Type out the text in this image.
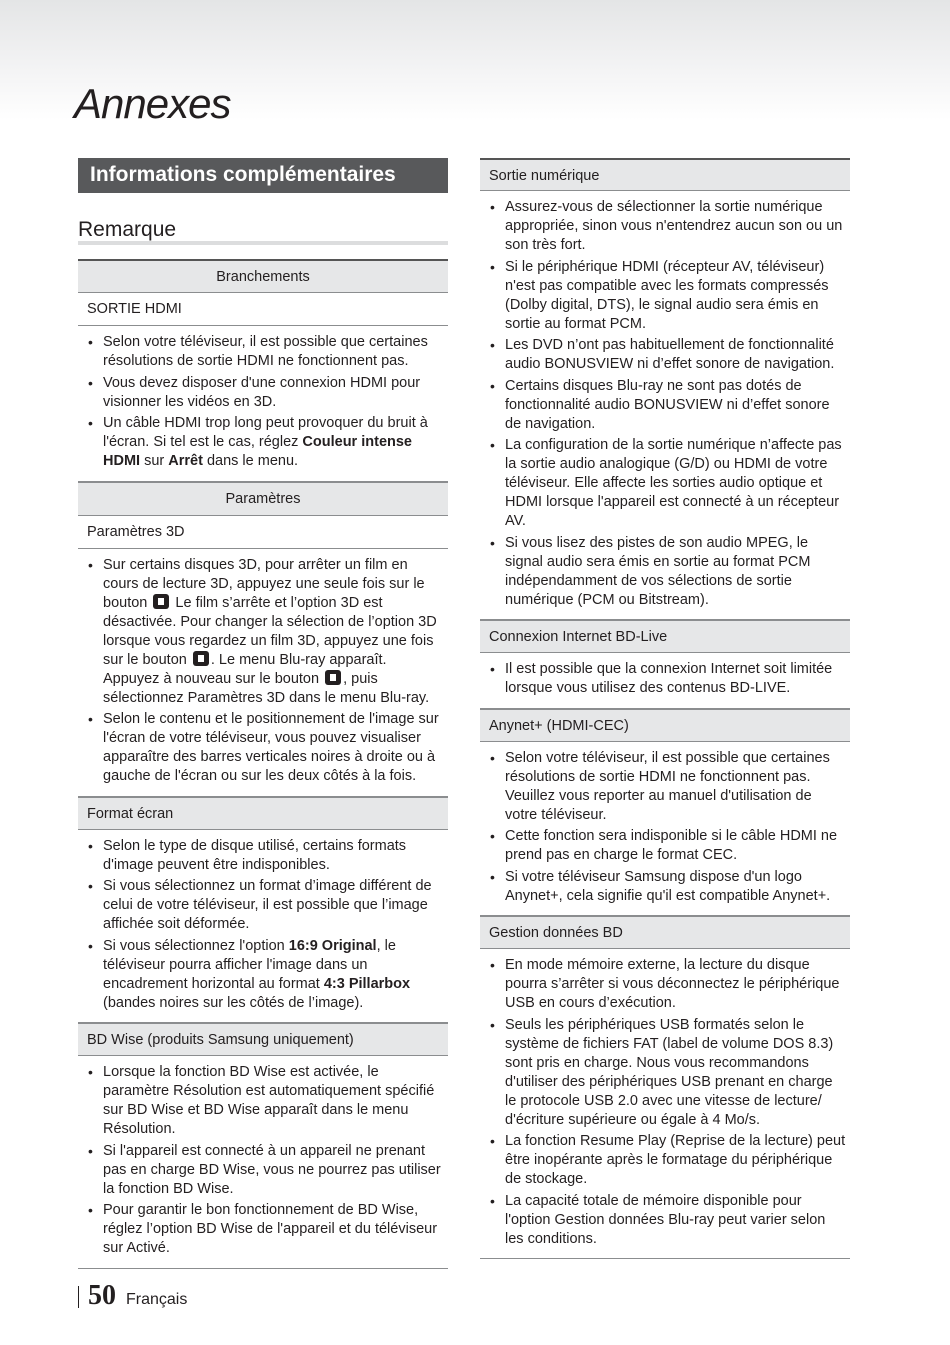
Annexes
Informations complémentaires
Remarque
Branchements
SORTIE HDMI
• Selon votre téléviseur, il est possible que certaines résolutions de sortie HDMI ne fonctionnent pas.
• Vous devez disposer d'une connexion HDMI pour visionner les vidéos en 3D.
• Un câble HDMI trop long peut provoquer du bruit à l'écran. Si tel est le cas, réglez Couleur intense HDMI sur Arrêt dans le menu.
Paramètres
Paramètres 3D
• Sur certains disques 3D, pour arrêter un film en cours de lecture 3D, appuyez une seule fois sur le bouton  Le film s’arrête et l’option 3D est désactivée. Pour changer la sélection de l’option 3D lorsque vous regardez un film 3D, appuyez une fois sur le bouton . Le menu Blu-ray apparaît. Appuyez à nouveau sur le bouton , puis sélectionnez Paramètres 3D dans le menu Blu-ray.
• Selon le contenu et le positionnement de l'image sur l'écran de votre téléviseur, vous pouvez visualiser apparaître des barres verticales noires à droite ou à gauche de l'écran ou sur les deux côtés à la fois.
Format écran
• Selon le type de disque utilisé, certains formats d'image peuvent être indisponibles.
• Si vous sélectionnez un format d’image différent de celui de votre téléviseur, il est possible que l’image affichée soit déformée.
• Si vous sélectionnez l'option 16:9 Original, le téléviseur pourra afficher l'image dans un encadrement horizontal au format 4:3 Pillarbox (bandes noires sur les côtés de l’image).
BD Wise (produits Samsung uniquement)
• Lorsque la fonction BD Wise est activée, le paramètre Résolution est automatiquement spécifié sur BD Wise et BD Wise apparaît dans le menu Résolution.
• Si l'appareil est connecté à un appareil ne prenant pas en charge BD Wise, vous ne pourrez pas utiliser la fonction BD Wise.
• Pour garantir le bon fonctionnement de BD Wise, réglez l’option BD Wise de l'appareil et du téléviseur sur Activé.
Sortie numérique
• Assurez-vous de sélectionner la sortie numérique appropriée, sinon vous n'entendrez aucun son ou un son très fort.
• Si le périphérique HDMI (récepteur AV, téléviseur) n'est pas compatible avec les formats compressés (Dolby digital, DTS), le signal audio sera émis en sortie au format PCM.
• Les DVD n’ont pas habituellement de fonctionnalité audio BONUSVIEW ni d’effet sonore de navigation.
• Certains disques Blu-ray ne sont pas dotés de fonctionnalité audio BONUSVIEW ni d’effet sonore de navigation.
• La configuration de la sortie numérique n’affecte pas la sortie audio analogique (G/D) ou HDMI de votre téléviseur. Elle affecte les sorties audio optique et HDMI lorsque l'appareil est connecté à un récepteur AV.
• Si vous lisez des pistes de son audio MPEG, le signal audio sera émis en sortie au format PCM indépendamment de vos sélections de sortie numérique (PCM ou Bitstream).
Connexion Internet BD-Live
• Il est possible que la connexion Internet soit limitée lorsque vous utilisez des contenus BD-LIVE.
Anynet+ (HDMI-CEC)
• Selon votre téléviseur, il est possible que certaines résolutions de sortie HDMI ne fonctionnent pas. Veuillez vous reporter au manuel d'utilisation de votre téléviseur.
• Cette fonction sera indisponible si le câble HDMI ne prend pas en charge le format CEC.
• Si votre téléviseur Samsung dispose d'un logo Anynet+, cela signifie qu'il est compatible Anynet+.
Gestion données BD
• En mode mémoire externe, la lecture du disque pourra s’arrêter si vous déconnectez le périphérique USB en cours d’exécution.
• Seuls les périphériques USB formatés selon le système de fichiers FAT (label de volume DOS 8.3) sont pris en charge. Nous vous recommandons d'utiliser des périphériques USB prenant en charge le protocole USB 2.0 avec une vitesse de lecture/ d'écriture supérieure ou égale à 4 Mo/s.
• La fonction Resume Play (Reprise de la lecture) peut être inopérante après le formatage du périphérique de stockage.
• La capacité totale de mémoire disponible pour l'option Gestion données Blu-ray peut varier selon les conditions.
50 Français
